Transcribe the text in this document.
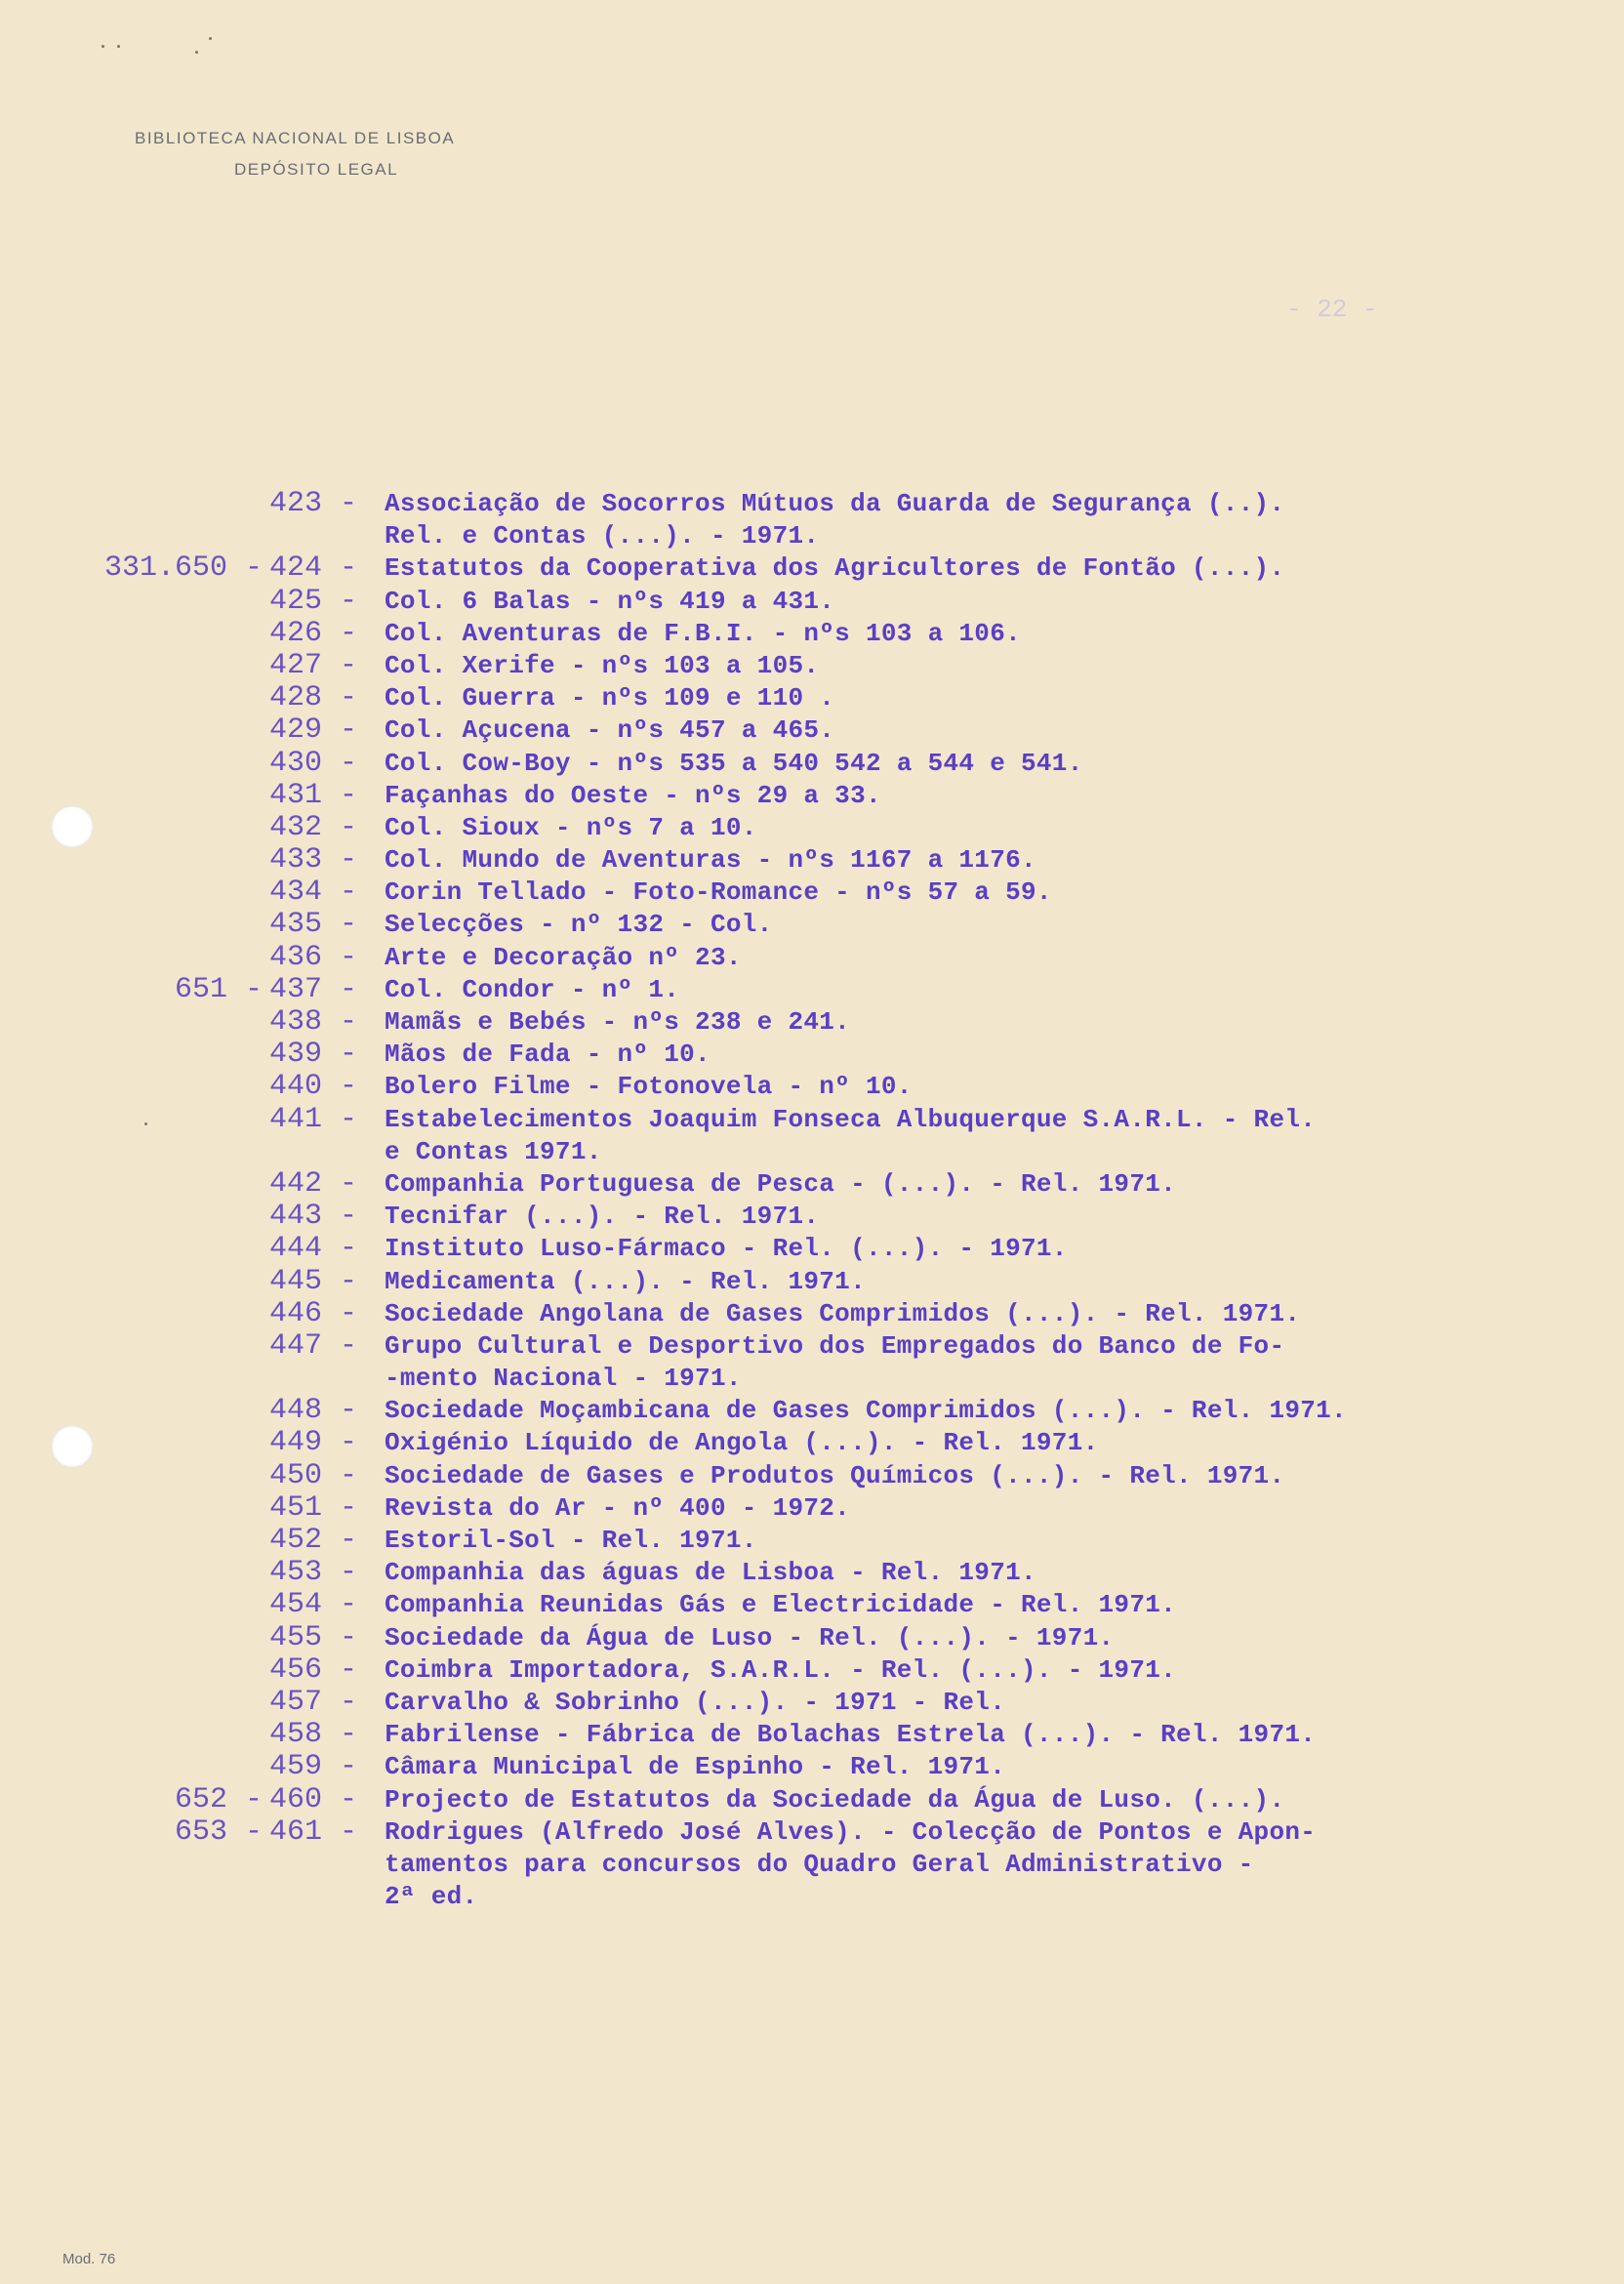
BIBLIOTECA NACIONAL DE LISBOA
DEPÓSITO LEGAL
- 22 -
423 - Associação de Socorros Mútuos da Guarda de Segurança (..).
Rel. e Contas (...). - 1971.
331.650 - 424 - Estatutos da Cooperativa dos Agricultores de Fontão (...).
425 - Col. 6 Balas - nºs 419 a 431.
426 - Col. Aventuras de F.B.I. - nºs 103 a 106.
427 - Col. Xerife - nºs 103 a 105.
428 - Col. Guerra - nºs 109 e 110 .
429 - Col. Açucena - nºs 457 a 465.
430 - Col. Cow-Boy - nºs 535 a 540 542 a 544 e 541.
431 - Façanhas do Oeste - nºs 29 a 33.
432 - Col. Sioux - nºs 7 a 10.
433 - Col. Mundo de Aventuras - nºs 1167 a 1176.
434 - Corin Tellado - Foto-Romance - nºs 57 a 59.
435 - Selecções - nº 132 - Col.
436 - Arte e Decoração nº 23.
651 - 437 - Col. Condor - nº 1.
438 - Mamãs e Bebés - nºs 238 e 241.
439 - Mãos de Fada - nº 10.
440 - Bolero Filme - Fotonovela - nº 10.
441 - Estabelecimentos Joaquim Fonseca Albuquerque S.A.R.L. - Rel.
e Contas 1971.
442 - Companhia Portuguesa de Pesca - (...). - Rel. 1971.
443 - Tecnifar (...). - Rel. 1971.
444 - Instituto Luso-Fármaco - Rel. (...). - 1971.
445 - Medicamenta (...). - Rel. 1971.
446 - Sociedade Angolana de Gases Comprimidos (...). - Rel. 1971.
447 - Grupo Cultural e Desportivo dos Empregados do Banco de Fo-
-mento Nacional - 1971.
448 - Sociedade Moçambicana de Gases Comprimidos (...). - Rel. 1971.
449 - Oxigénio Líquido de Angola (...). - Rel. 1971.
450 - Sociedade de Gases e Produtos Químicos (...). - Rel. 1971.
451 - Revista do Ar - nº 400 - 1972.
452 - Estoril-Sol - Rel. 1971.
453 - Companhia das águas de Lisboa - Rel. 1971.
454 - Companhia Reunidas Gás e Electricidade - Rel. 1971.
455 - Sociedade da Água de Luso - Rel. (...). - 1971.
456 - Coimbra Importadora, S.A.R.L. - Rel. (...). - 1971.
457 - Carvalho & Sobrinho (...). - 1971 - Rel.
458 - Fabrilense - Fábrica de Bolachas Estrela (...). - Rel. 1971.
459 - Câmara Municipal de Espinho - Rel. 1971.
652 - 460 - Projecto de Estatutos da Sociedade da Água de Luso. (...).
653 - 461 - Rodrigues (Alfredo José Alves). - Colecção de Pontos e Apon-
tamentos para concursos do Quadro Geral Administrativo -
2ª ed.
Mod. 76
